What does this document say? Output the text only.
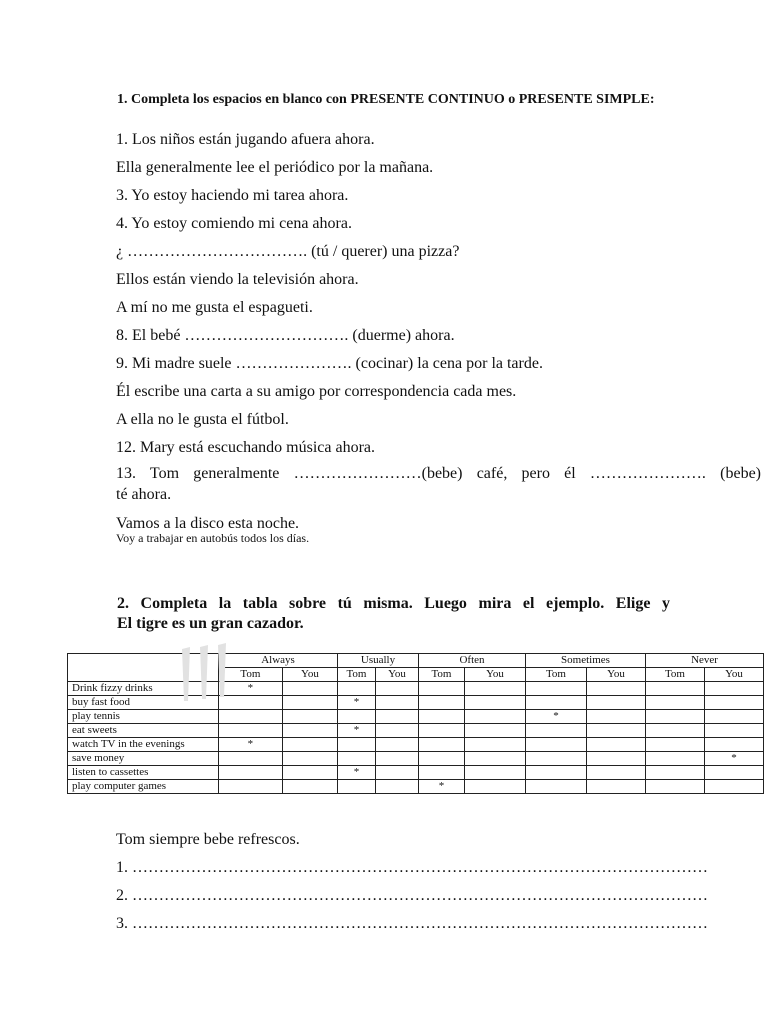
1. Completa los espacios en blanco con PRESENTE CONTINUO o PRESENTE SIMPLE:
1. Los niños están jugando afuera ahora.
Ella generalmente lee el periódico por la mañana.
3. Yo estoy haciendo mi tarea ahora.
4. Yo estoy comiendo mi cena ahora.
¿ ……………………………. (tú / querer) una pizza?
Ellos están viendo la televisión ahora.
A mí no me gusta el espagueti.
8. El bebé …………………………. (duerme) ahora.
9. Mi madre suele …………………. (cocinar) la cena por la tarde.
Él escribe una carta a su amigo por correspondencia cada mes.
A ella no le gusta el fútbol.
12. Mary está escuchando música ahora.
13. Tom generalmente ……………………(bebe) café, pero él …………………. (bebe)
té ahora.
Vamos a la disco esta noche.
Voy a trabajar en autobús todos los días.
2. Completa la tabla sobre tú misma. Luego mira el ejemplo. Elige y
El tigre es un gran cazador.
	Always		Usually		Often		Sometimes		Never	
	Tom	You	Tom	You	Tom	You	Tom	You	Tom	You
Drink fizzy drinks	*									
buy fast food			*							
play tennis							*			
eat sweets			*							
watch TV in the evenings	*									
save money										*
listen to cassettes			*							
play computer games					*					
Tom siempre bebe refrescos.
1. ………………………………………………………………………………………………
2. ………………………………………………………………………………………………
3. ………………………………………………………………………………………………
